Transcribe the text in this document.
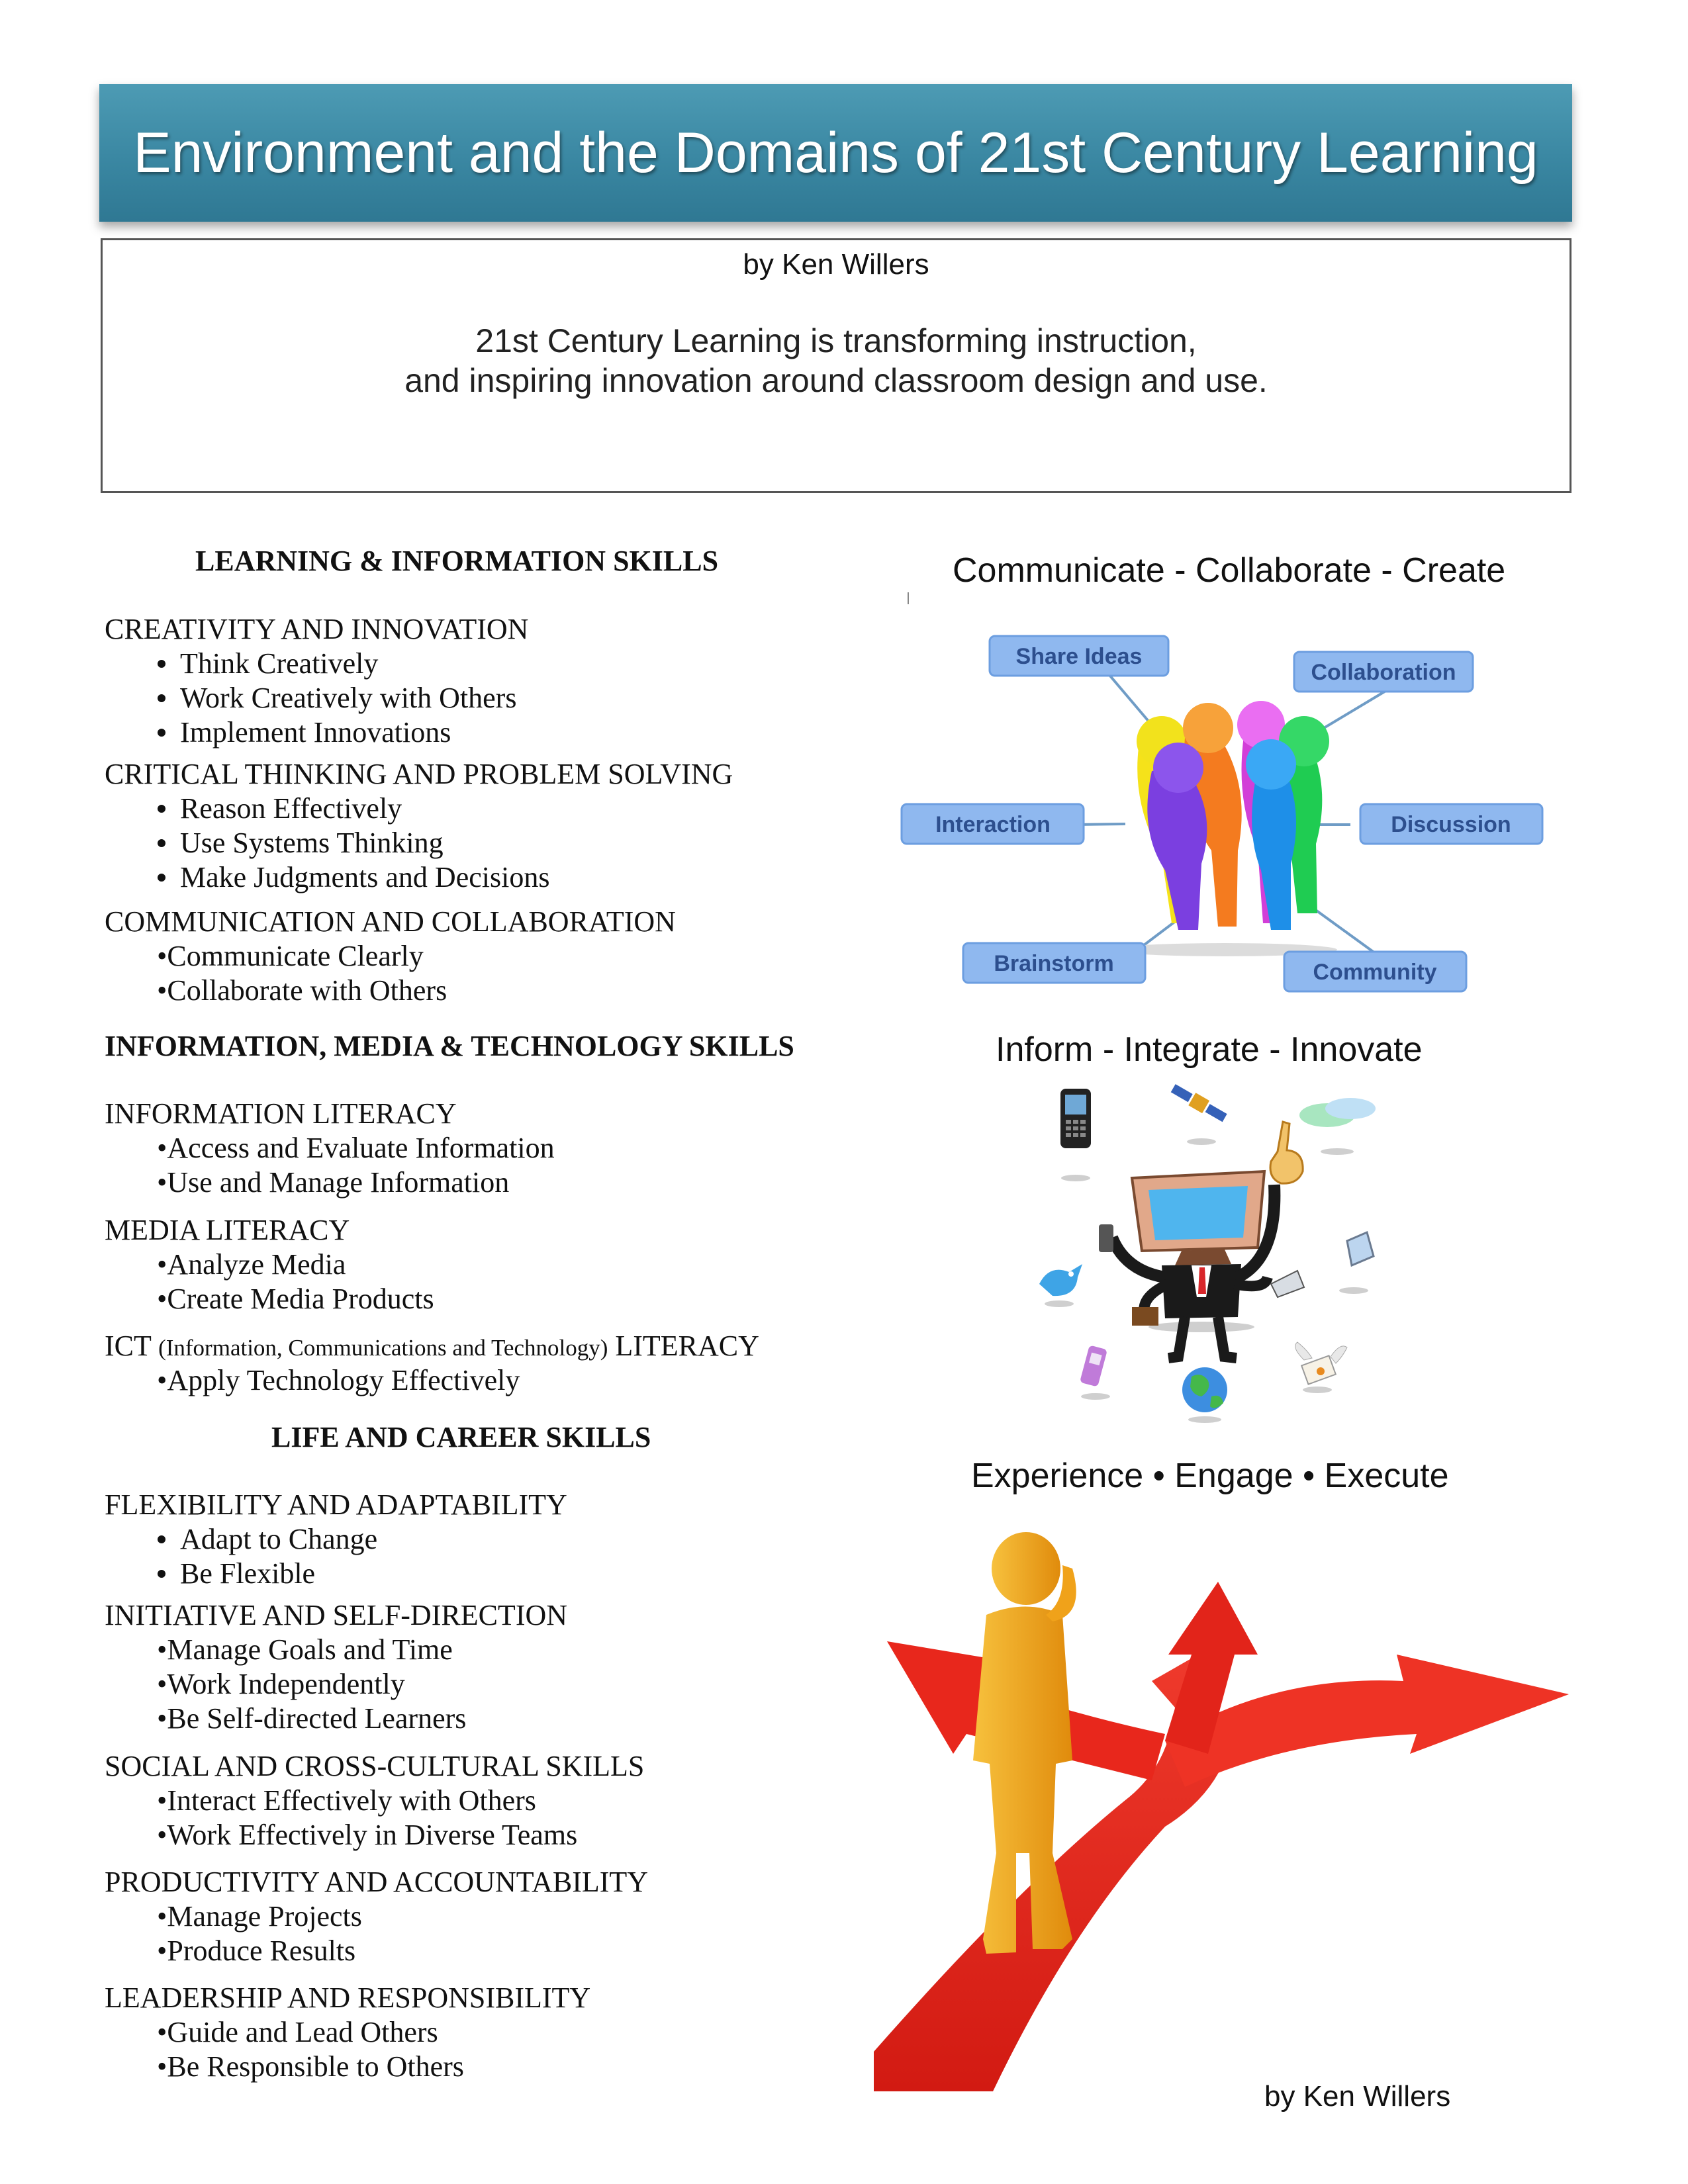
Environment and the Domains of 21st Century Learning
by Ken Willers
21st Century Learning is transforming instruction,
and inspiring innovation around classroom design and use.
LEARNING & INFORMATION SKILLS
CREATIVITY AND INNOVATION
Think Creatively
Work Creatively with Others
Implement Innovations
CRITICAL THINKING AND PROBLEM SOLVING
Reason Effectively
Use Systems Thinking
Make Judgments and Decisions
COMMUNICATION AND COLLABORATION
•Communicate Clearly
•Collaborate with Others
INFORMATION, MEDIA & TECHNOLOGY SKILLS
INFORMATION LITERACY
•Access and Evaluate Information
•Use and Manage Information
MEDIA LITERACY
•Analyze Media
•Create Media Products
ICT (Information, Communications and Technology) LITERACY
•Apply Technology Effectively
LIFE AND CAREER SKILLS
FLEXIBILITY AND ADAPTABILITY
Adapt to Change
Be Flexible
INITIATIVE AND SELF-DIRECTION
•Manage Goals and Time
•Work Independently
•Be Self-directed Learners
SOCIAL AND CROSS-CULTURAL SKILLS
•Interact Effectively with Others
•Work Effectively in Diverse Teams
PRODUCTIVITY AND ACCOUNTABILITY
•Manage Projects
•Produce Results
LEADERSHIP AND RESPONSIBILITY
•Guide and Lead Others
•Be Responsible to Others
Communicate - Collaborate - Create
Share Ideas
Collaboration
Interaction	Discussion
Brainstorm	Community
Inform - Integrate - Innovate
Experience • Engage • Execute
by Ken Willers
